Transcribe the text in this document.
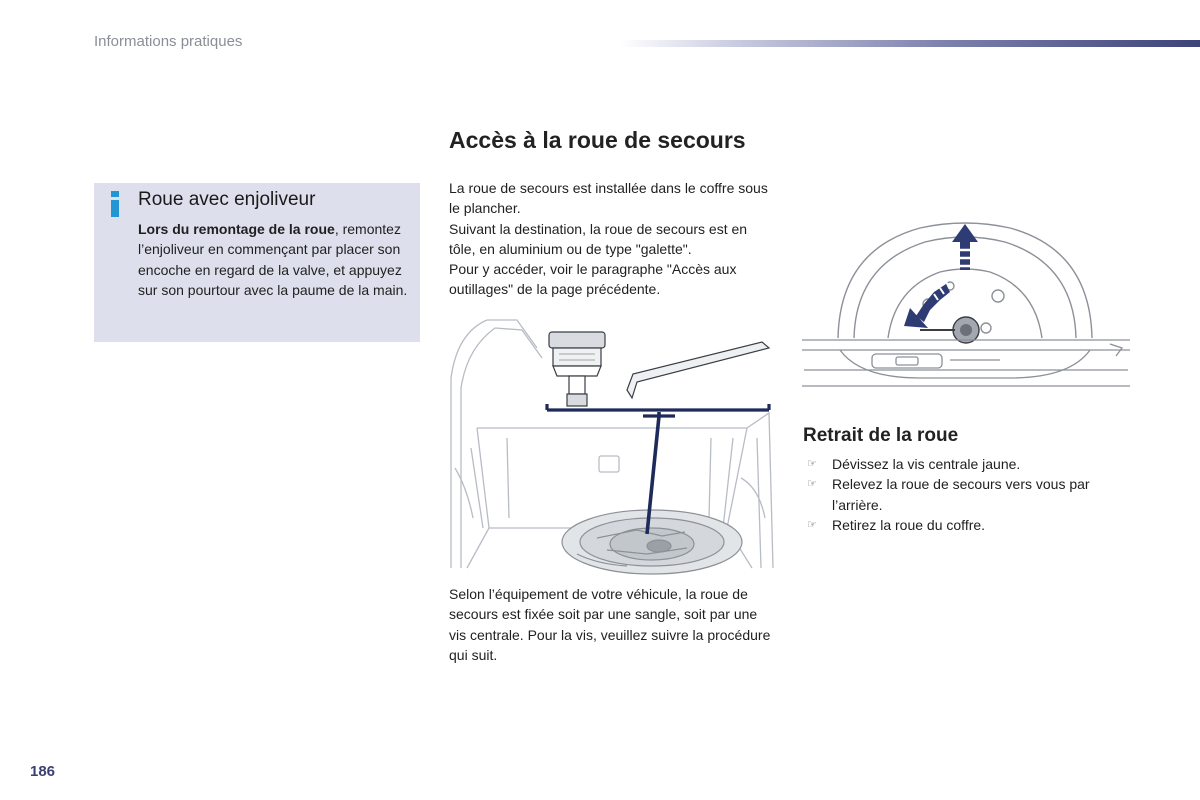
Informations pratiques
Roue avec enjoliveur
Lors du remontage de la roue, remontez l’enjoliveur en commençant par placer son encoche en regard de la valve, et appuyez sur son pourtour avec la paume de la main.
Accès à la roue de secours
La roue de secours est installée dans le coffre sous le plancher.
Suivant la destination, la roue de secours est en tôle, en aluminium ou de type "galette".
Pour y accéder, voir le paragraphe "Accès aux outillages" de la page précédente.
Selon l’équipement de votre véhicule, la roue de secours est fixée soit par une sangle, soit par une vis centrale. Pour la vis, veuillez suivre la procédure qui suit.
Retrait de la roue
☞ Dévissez la vis centrale jaune.
☞ Relevez la roue de secours vers vous par l’arrière.
☞ Retirez la roue du coffre.
186
